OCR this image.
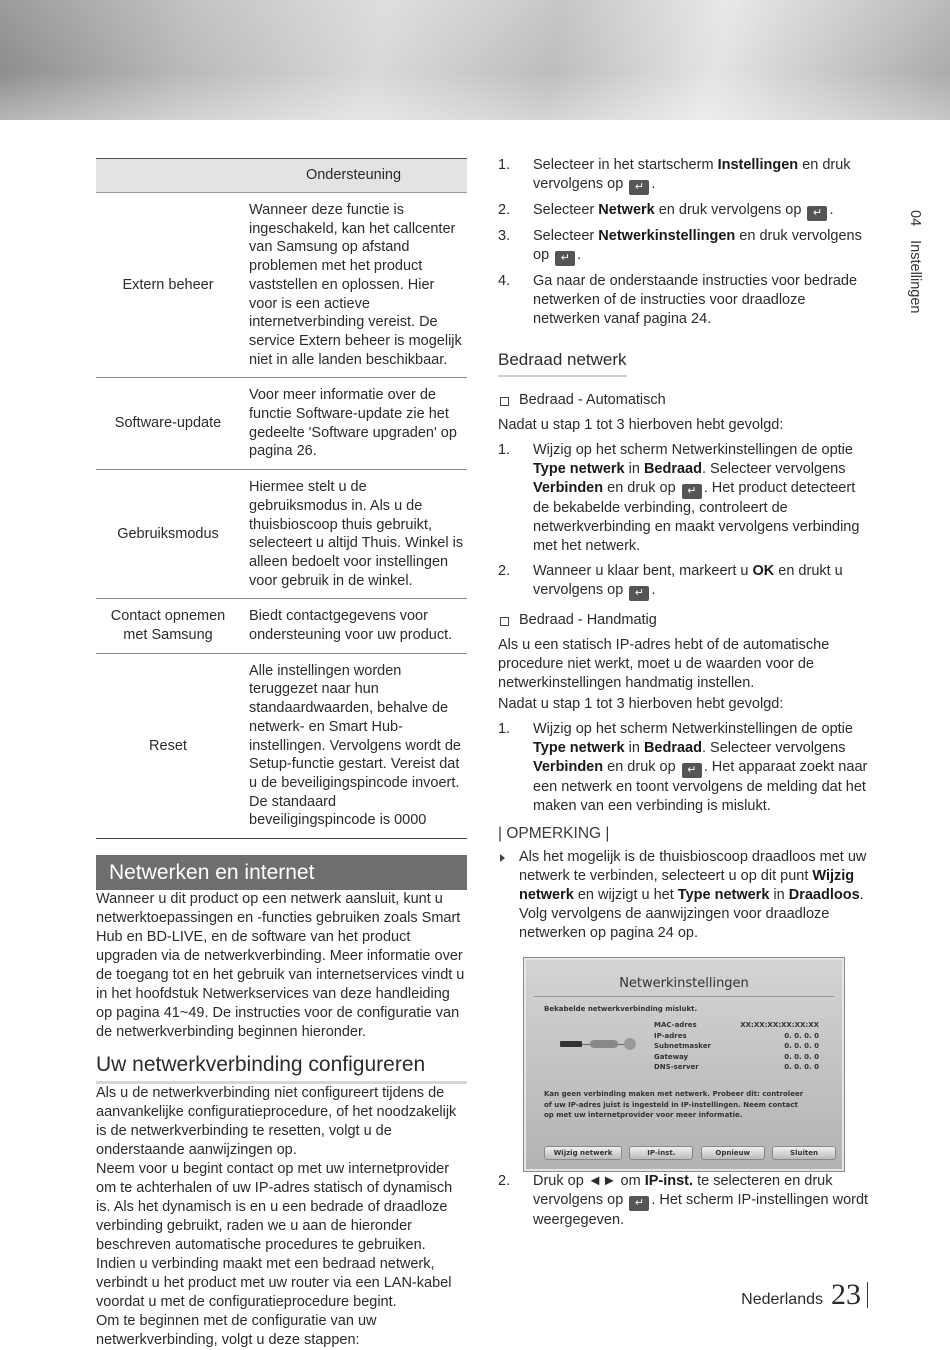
	Ondersteuning
Extern beheer	Wanneer deze functie is ingeschakeld, kan het callcenter van Samsung op afstand problemen met het product vaststellen en oplossen. Hier voor is een actieve internetverbinding vereist. De service Extern beheer is mogelijk niet in alle landen beschikbaar.
Software-update	Voor meer informatie over de functie Software-update zie het gedeelte 'Software upgraden' op pagina 26.
Gebruiksmodus	Hiermee stelt u de gebruiksmodus in. Als u de thuisbioscoop thuis gebruikt, selecteert u altijd Thuis. Winkel is alleen bedoelt voor instellingen voor gebruik in de winkel.
Contact opnemen met Samsung	Biedt contactgegevens voor ondersteuning voor uw product.
Reset	Alle instellingen worden teruggezet naar hun standaardwaarden, behalve de netwerk- en Smart Hub-instellingen. Vervolgens wordt de Setup-functie gestart. Vereist dat u de beveiligingspincode invoert. De standaard beveiligingspincode is 0000
Netwerken en internet

Wanneer u dit product op een netwerk aansluit, kunt u netwerktoepassingen en -functies gebruiken zoals Smart Hub en BD-LIVE, en de software van het product upgraden via de netwerkverbinding. Meer informatie over de toegang tot en het gebruik van internetservices vindt u in het hoofdstuk Netwerkservices van deze handleiding op pagina 41~49. De instructies voor de configuratie van de netwerkverbinding beginnen hieronder.

Uw netwerkverbinding configureren

Als u de netwerkverbinding niet configureert tijdens de aanvankelijke configuratieprocedure, of het noodzakelijk is de netwerkverbinding te resetten, volgt u de onderstaande aanwijzingen op.

Neem voor u begint contact op met uw internetprovider om te achterhalen of uw IP-adres statisch of dynamisch is. Als het dynamisch is en u een bedrade of draadloze verbinding gebruikt, raden we u aan de hieronder beschreven automatische procedures te gebruiken.

Indien u verbinding maakt met een bedraad netwerk, verbindt u het product met uw router via een LAN-kabel voordat u met de configuratieprocedure begint.

Om te beginnen met de configuratie van uw netwerkverbinding, volgt u deze stappen:

1.	Selecteer in het startscherm Instellingen en druk vervolgens op ↵ .
2.	Selecteer Netwerk en druk vervolgens op ↵ .
3.	Selecteer Netwerkinstellingen en druk vervolgens op ↵ .
4.	Ga naar de onderstaande instructies voor bedrade netwerken of de instructies voor draadloze netwerken vanaf pagina 24.
Bedraad netwerk
Bedraad - Automatisch

Nadat u stap 1 tot 3 hierboven hebt gevolgd:

1.	Wijzig op het scherm Netwerkinstellingen de optie Type netwerk in Bedraad. Selecteer vervolgens Verbinden en druk op ↵ . Het product detecteert de bekabelde verbinding, controleert de netwerkverbinding en maakt vervolgens verbinding met het netwerk.
2.	Wanneer u klaar bent, markeert u OK en drukt u vervolgens op ↵ .
Bedraad - Handmatig

Als u een statisch IP-adres hebt of de automatische procedure niet werkt, moet u de waarden voor de netwerkinstellingen handmatig instellen.

Nadat u stap 1 tot 3 hierboven hebt gevolgd:

1.	Wijzig op het scherm Netwerkinstellingen de optie Type netwerk in Bedraad. Selecteer vervolgens Verbinden en druk op ↵ . Het apparaat zoekt naar een netwerk en toont vervolgens de melding dat het maken van een verbinding is mislukt.
| OPMERKING |
Als het mogelijk is de thuisbioscoop draadloos met uw netwerk te verbinden, selecteert u op dit punt Wijzig netwerk en wijzigt u het Type netwerk in Draadloos. Volg vervolgens de aanwijzingen voor draadloze netwerken op pagina 24 op.
Netwerkinstellingen
Bekabelde netwerkverbinding mislukt.
MAC-adres	XX:XX:XX:XX:XX:XX
IP-adres	0. 0. 0. 0
Subnetmasker	0. 0. 0. 0
Gateway	0. 0. 0. 0
DNS-server	0. 0. 0. 0
Kan geen verbinding maken met netwerk. Probeer dit: controleer of uw IP-adres juist is ingesteld in IP-instellingen. Neem contact op met uw internetprovider voor meer informatie.
Wijzig netwerk	IP-inst.	Opnieuw	Sluiten
2.	Druk op ◄► om IP-inst. te selecteren en druk vervolgens op ↵ . Het scherm IP-instellingen wordt weergegeven.
04Instellingen
Nederlands 23
